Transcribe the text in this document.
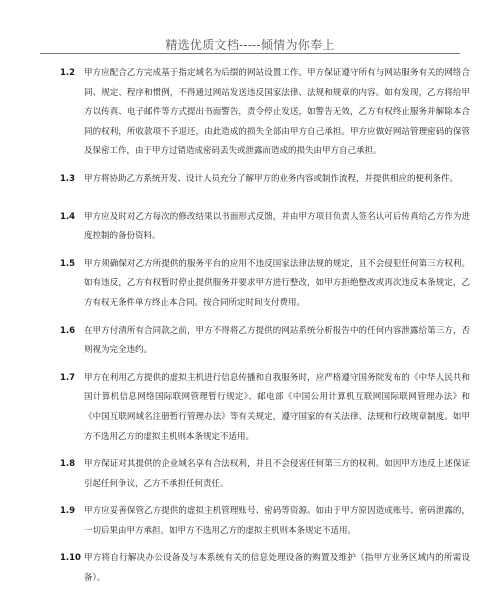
精选优质文档-----倾情为你奉上
1.2 甲方应配合乙方完成基于指定域名为后缀的网站设置工作。甲方保证遵守所有与网站服务有关的网络合同、规定、程序和惯例，不得通过网站发送违反国家法律、法规和规章的内容。如有发现，乙方将给甲方以传真、电子邮件等方式提出书面警告，责令停止发送，如警告无效，乙方有权终止服务并解除本合同的权利，所收款项不予退还，由此造成的损失全部由甲方自己承担。甲方应做好网站管理密码的保管及保密工作，由于甲方过错造成密码丢失或泄露而造成的损失由甲方自己承担。
1.3 甲方将协助乙方系统开发、设计人员充分了解甲方的业务内容或制作流程，并提供相应的便利条件。
1.4 甲方应及时对乙方每次的修改结果以书面形式反馈，并由甲方项目负责人签名认可后传真给乙方作为进度控制的备份资料。
1.5 甲方须确保对乙方所提供的服务平台的应用不违反国家法律法规的规定，且不会侵犯任何第三方权利。如有违反，乙方有权暂时停止提供服务并要求甲方进行整改，如甲方拒绝整改或再次违反本条规定，乙方有权无条件单方终止本合同。按合同所定时间支付费用。
1.6 在甲方付清所有合同款之前，甲方不得将乙方提供的网站系统分析报告中的任何内容泄露给第三方，否则视为完全违约。
1.7 甲方在利用乙方提供的虚拟主机进行信息传播和自我服务时，应严格遵守国务院发布的《中华人民共和国计算机信息网络国际联网管理暂行规定》、邮电部《中国公用计算机互联网国际联网管理办法》和《中国互联网域名注册暂行管理办法》等有关规定，遵守国家的有关法律、法规和行政规章制度。如甲方不选用乙方的虚拟主机则本条规定不适用。
1.8 甲方保证对其提供的企业域名享有合法权利，并且不会侵害任何第三方的权利。如因甲方违反上述保证引起任何争议，乙方不承担任何责任。
1.9 甲方应妥善保管乙方提供的虚拟主机管理账号、密码等资源。如由于甲方原因造成账号、密码泄露的，一切后果由甲方承担。如甲方不选用乙方的虚拟主机则本条规定不适用。
1.10 甲方将自行解决办公设备及与本系统有关的信息处理设备的购置及维护（指甲方业务区域内的所需设备）。
